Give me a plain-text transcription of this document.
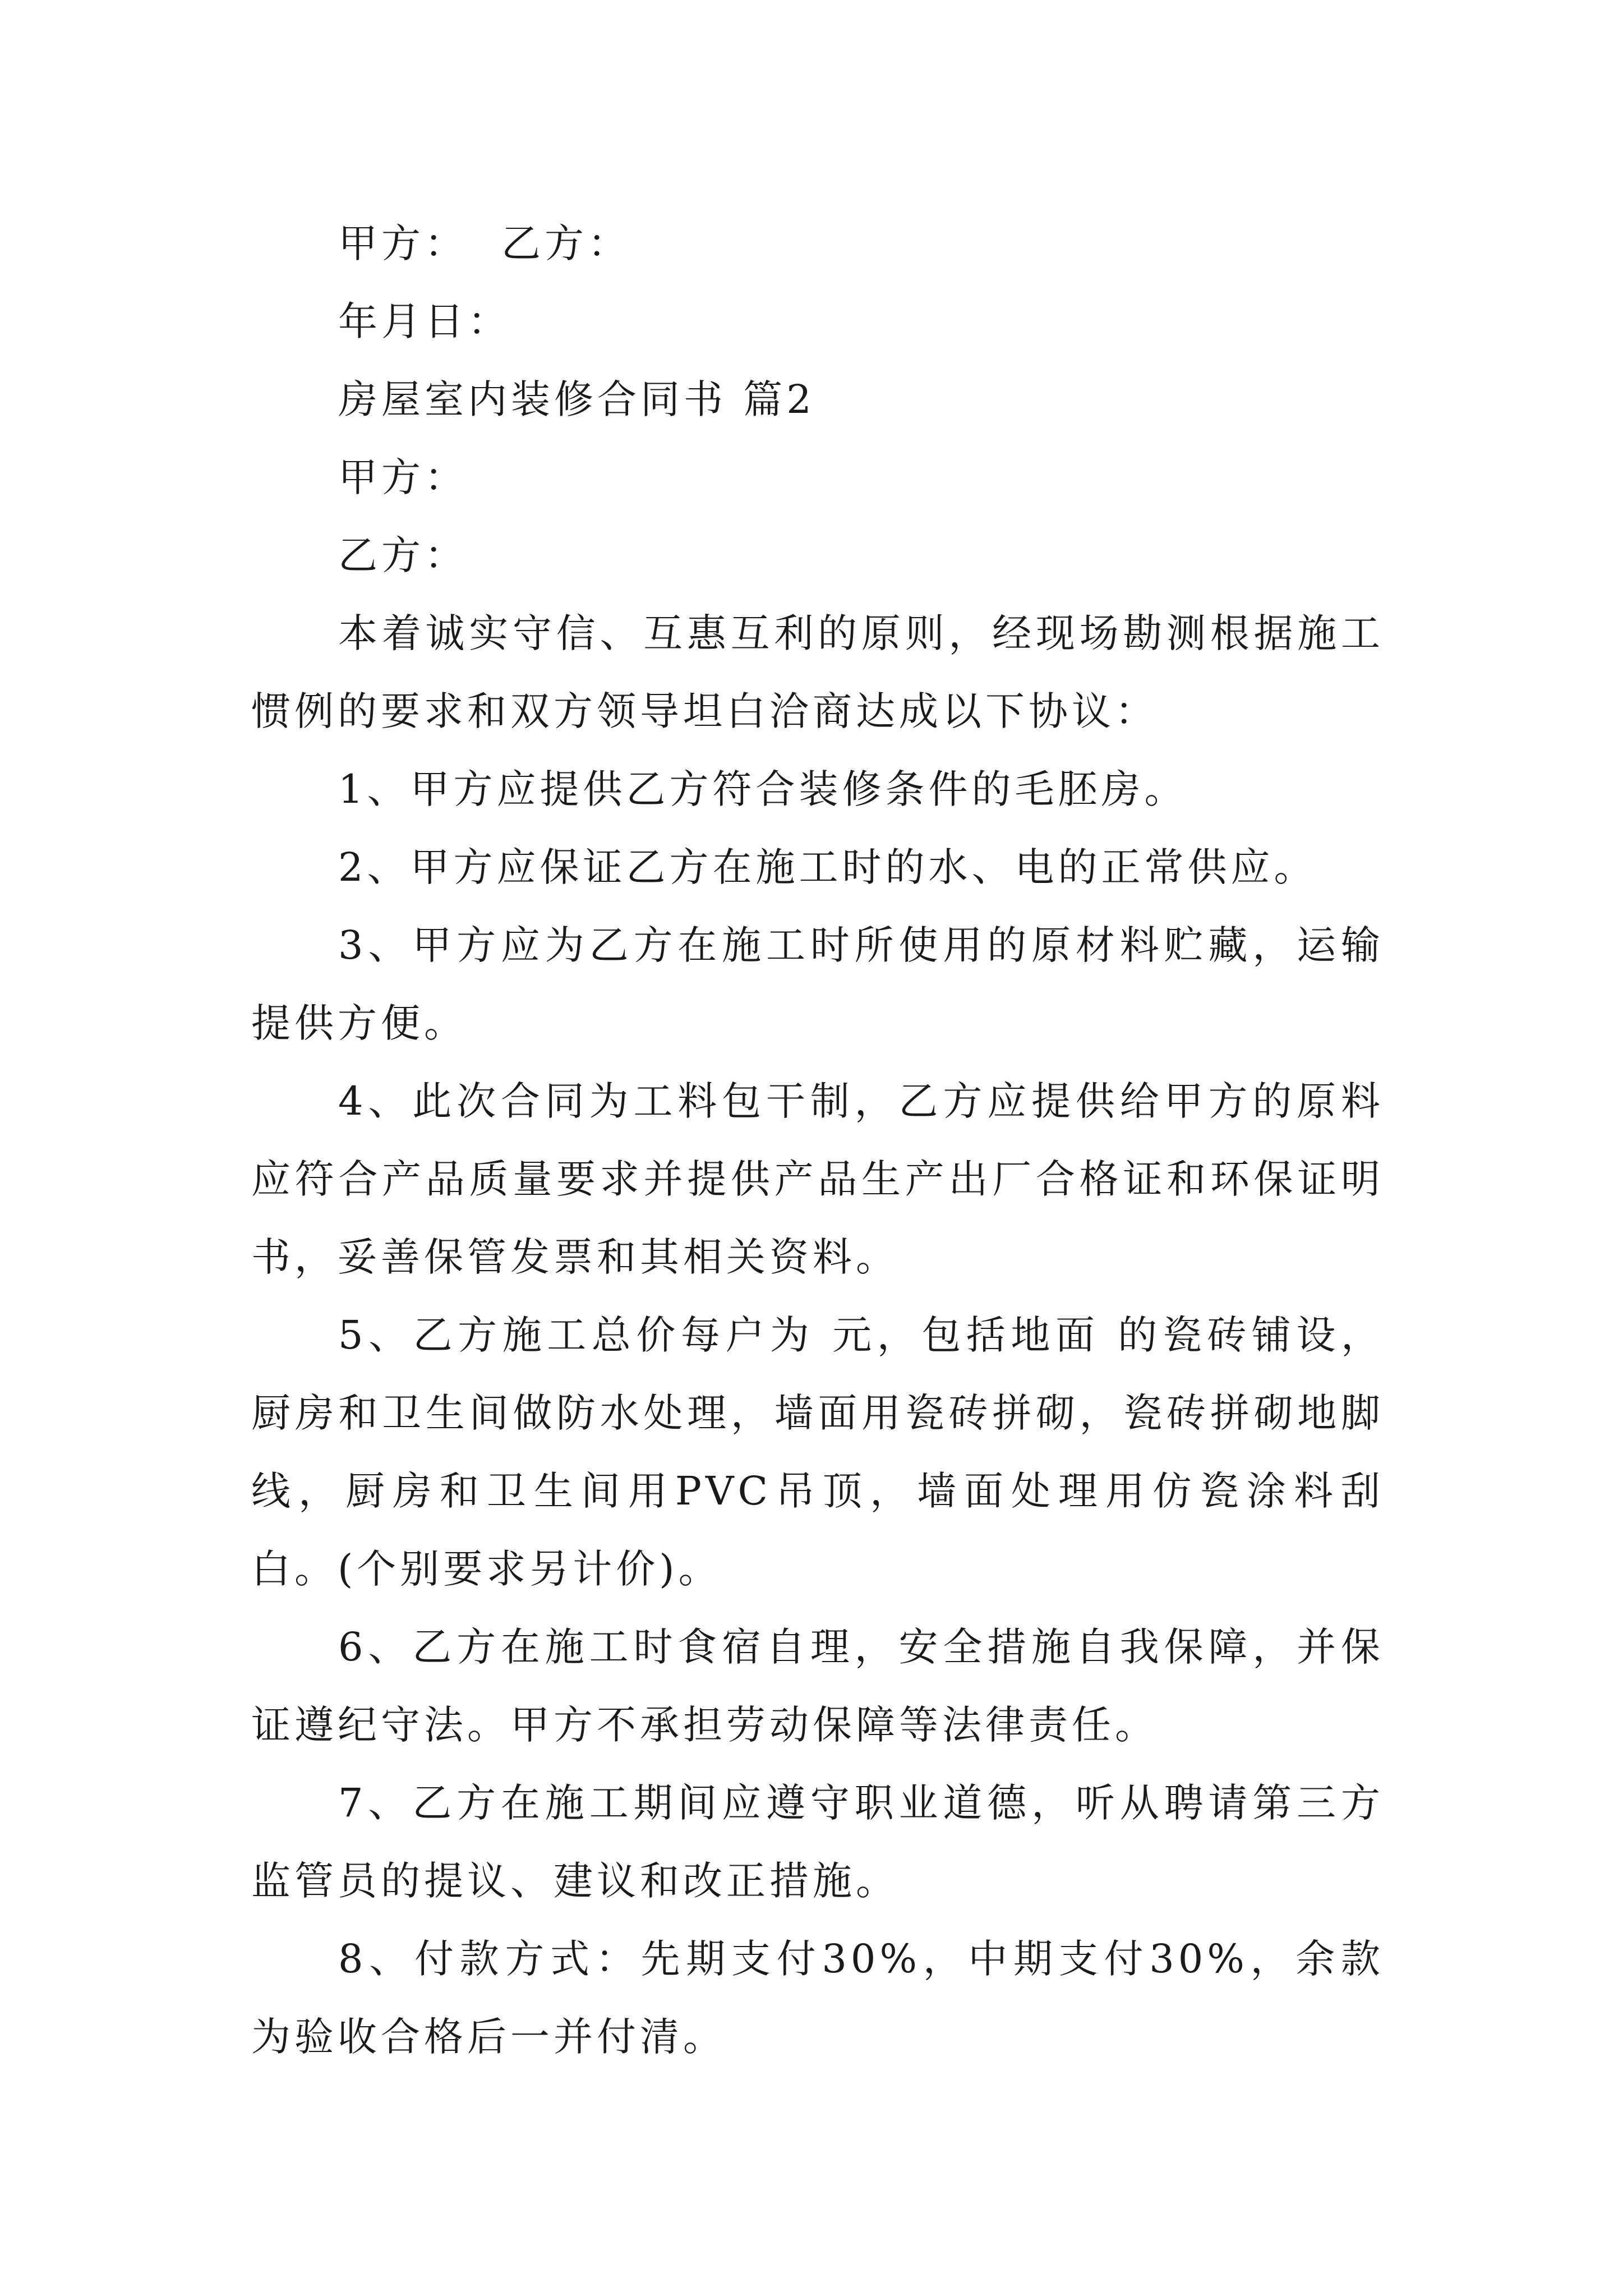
甲方： 乙方：

年月日：

房屋室内装修合同书 篇2

甲方：

乙方：

本着诚实守信、互惠互利的原则，经现场勘测根据施工惯例的要求和双方领导坦白洽商达成以下协议：

1、甲方应提供乙方符合装修条件的毛胚房。

2、甲方应保证乙方在施工时的水、电的正常供应。

3、甲方应为乙方在施工时所使用的原材料贮藏，运输提供方便。

4、此次合同为工料包干制，乙方应提供给甲方的原料应符合产品质量要求并提供产品生产出厂合格证和环保证明书，妥善保管发票和其相关资料。

5、乙方施工总价每户为 元，包括地面 的瓷砖铺设，厨房和卫生间做防水处理，墙面用瓷砖拼砌，瓷砖拼砌地脚线，厨房和卫生间用PVC吊顶，墙面处理用仿瓷涂料刮白。(个别要求另计价)。

6、乙方在施工时食宿自理，安全措施自我保障，并保证遵纪守法。甲方不承担劳动保障等法律责任。

7、乙方在施工期间应遵守职业道德，听从聘请第三方监管员的提议、建议和改正措施。

8、付款方式：先期支付30%，中期支付30%，余款为验收合格后一并付清。
